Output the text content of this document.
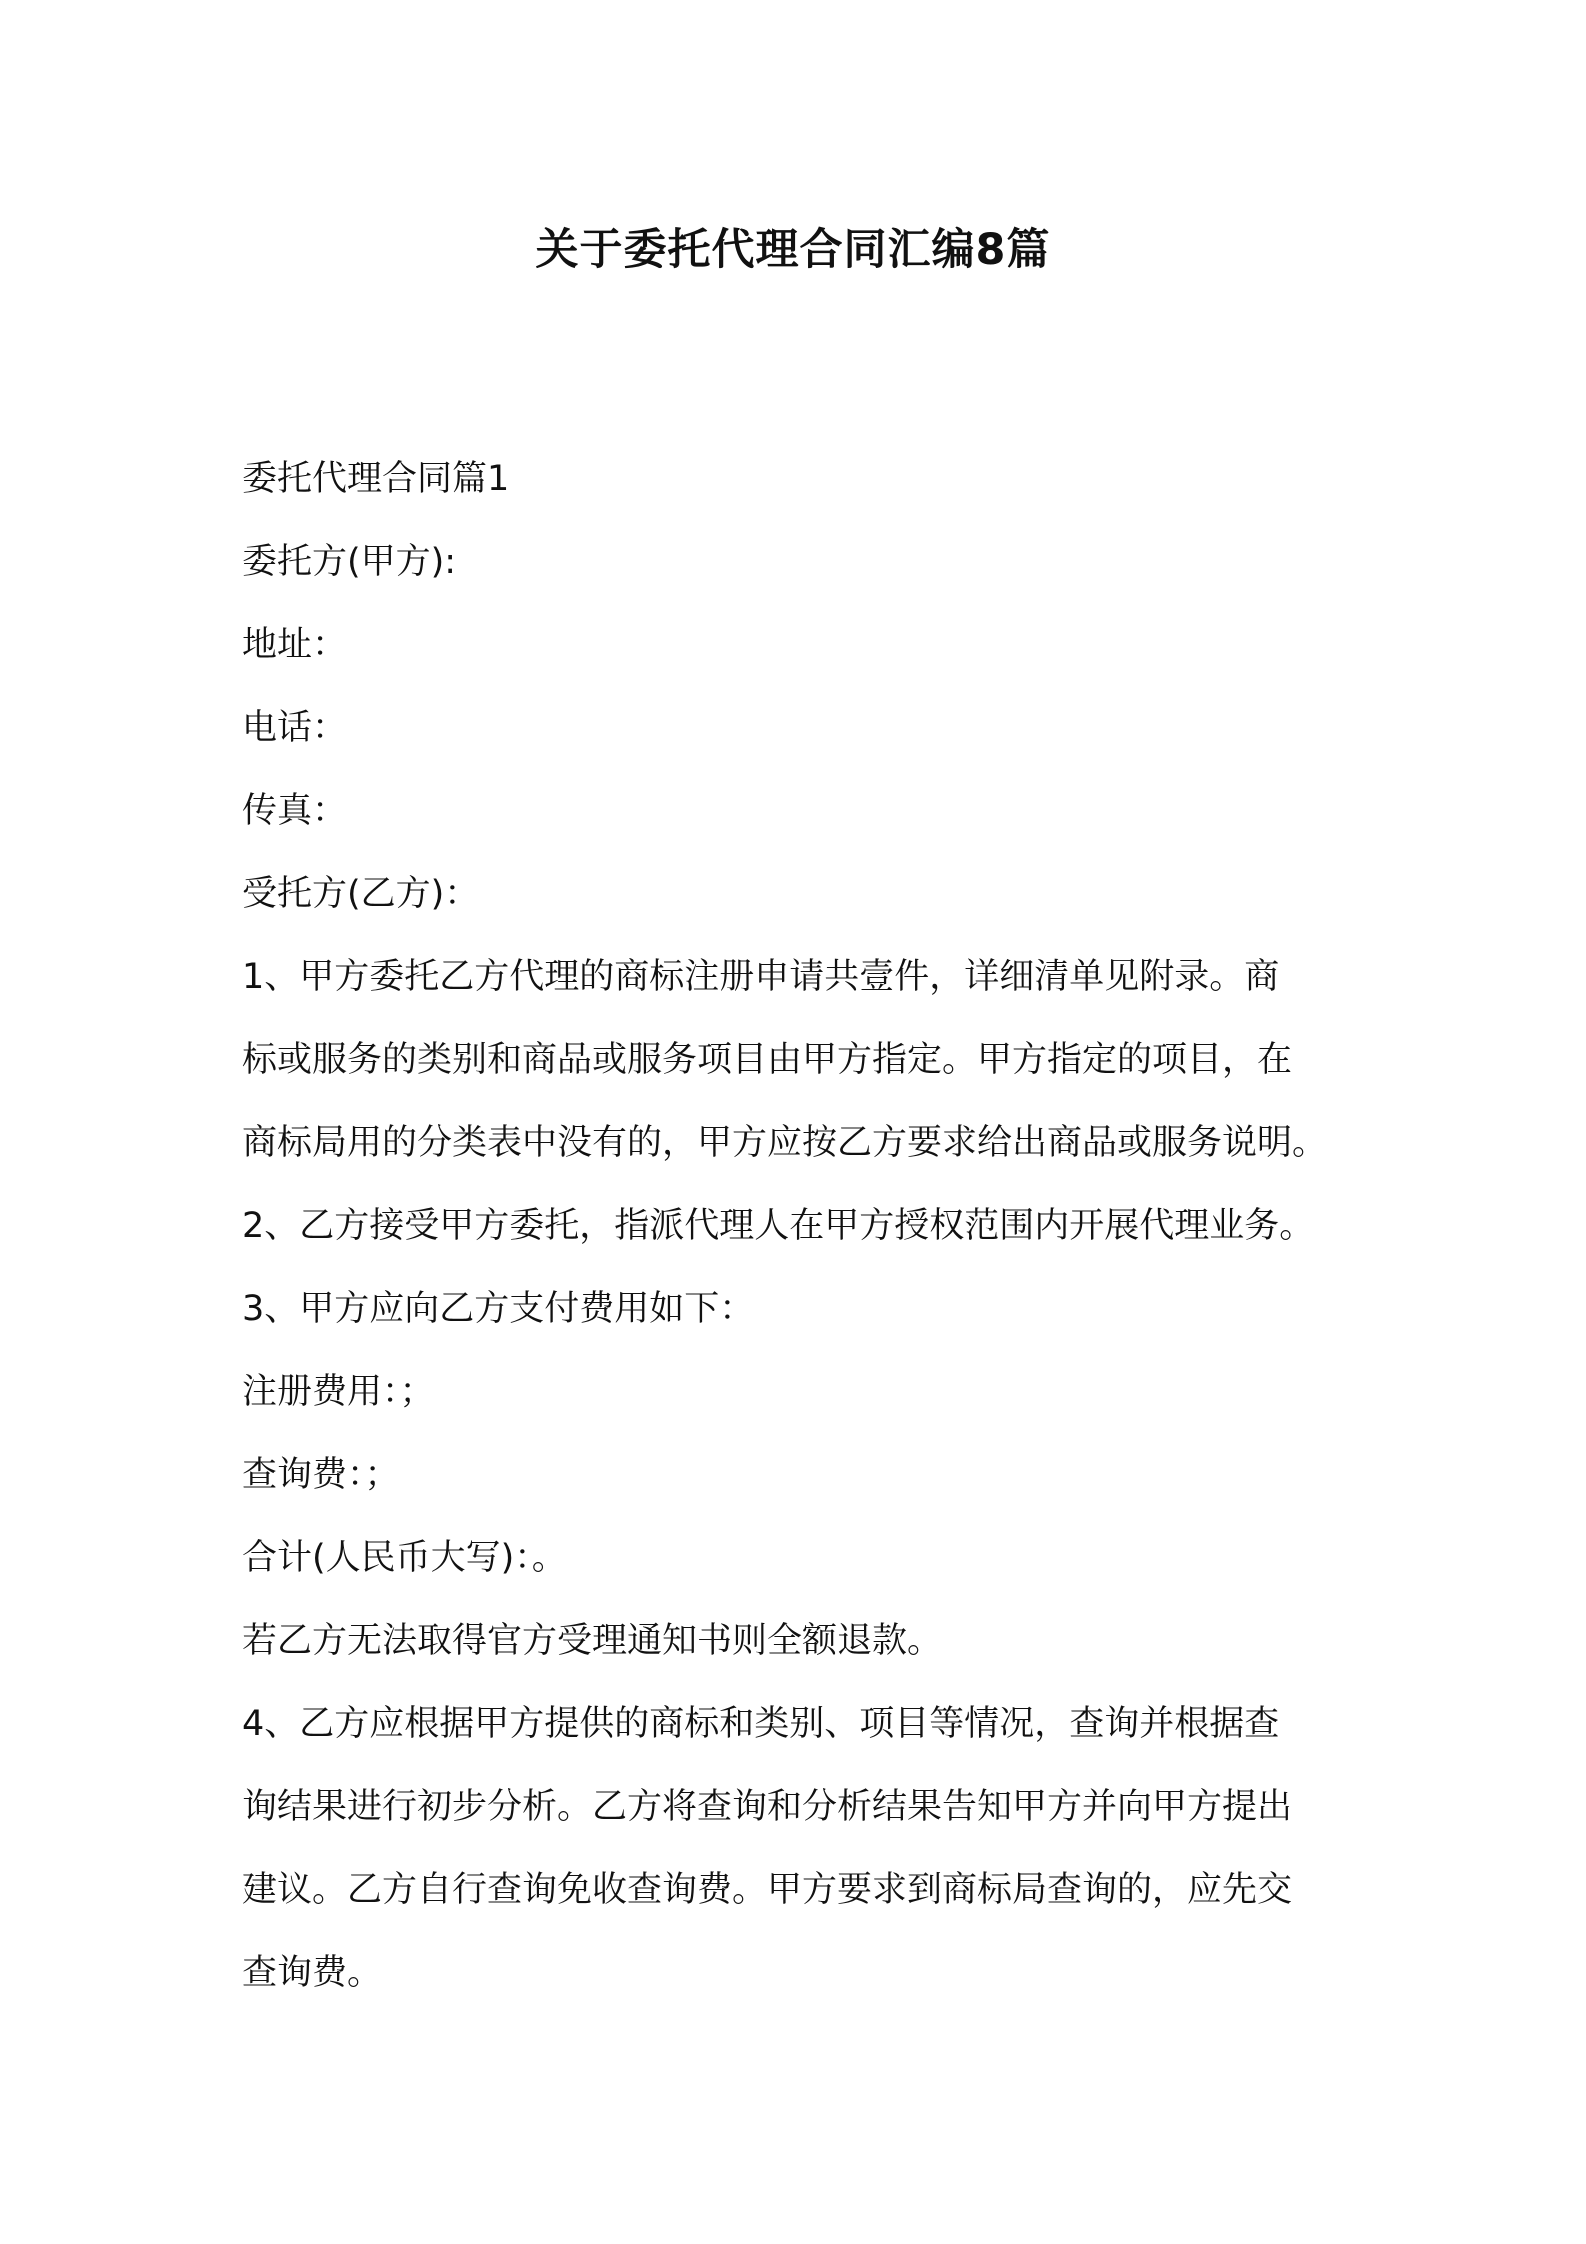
关于委托代理合同汇编8篇

委托代理合同篇1

委托方(甲方):

地址：

电话：

传真：

受托方(乙方)：

1、甲方委托乙方代理的商标注册申请共壹件，详细清单见附录。商

标或服务的类别和商品或服务项目由甲方指定。甲方指定的项目，在

商标局用的分类表中没有的，甲方应按乙方要求给出商品或服务说明。

2、乙方接受甲方委托，指派代理人在甲方授权范围内开展代理业务。

3、甲方应向乙方支付费用如下：

注册费用：；

查询费：；

合计(人民币大写)：。

若乙方无法取得官方受理通知书则全额退款。

4、乙方应根据甲方提供的商标和类别、项目等情况，查询并根据查

询结果进行初步分析。乙方将查询和分析结果告知甲方并向甲方提出

建议。乙方自行查询免收查询费。甲方要求到商标局查询的，应先交

查询费。
